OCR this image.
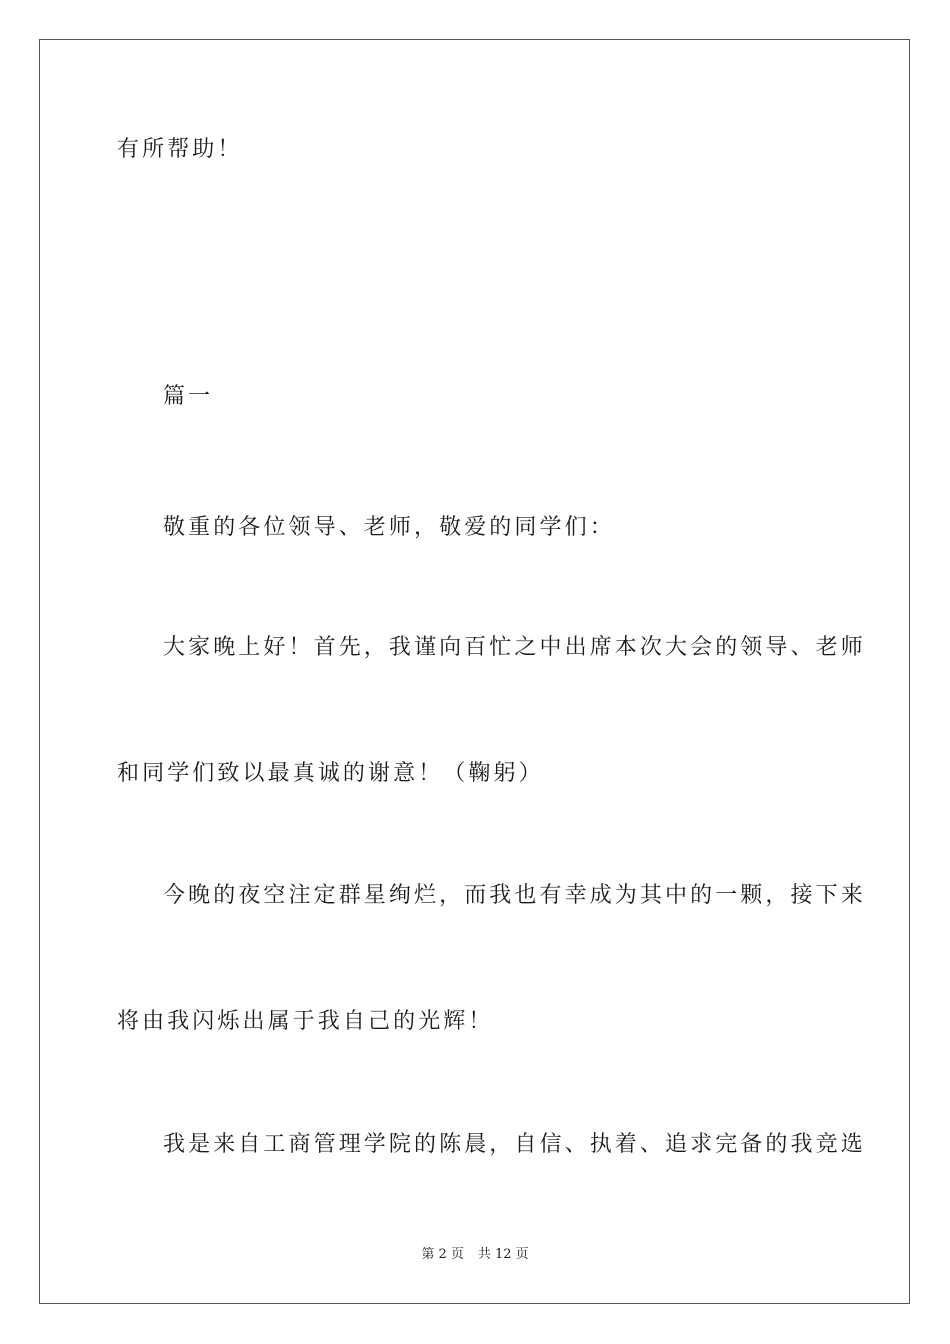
有所帮助！
篇一
敬重的各位领导、老师，敬爱的同学们：
大家晚上好！首先，我谨向百忙之中出席本次大会的领导、老师
和同学们致以最真诚的谢意！（鞠躬）
今晚的夜空注定群星绚烂，而我也有幸成为其中的一颗，接下来
将由我闪烁出属于我自己的光辉！
我是来自工商管理学院的陈晨，自信、执着、追求完备的我竞选
第 2 页 共 12 页
